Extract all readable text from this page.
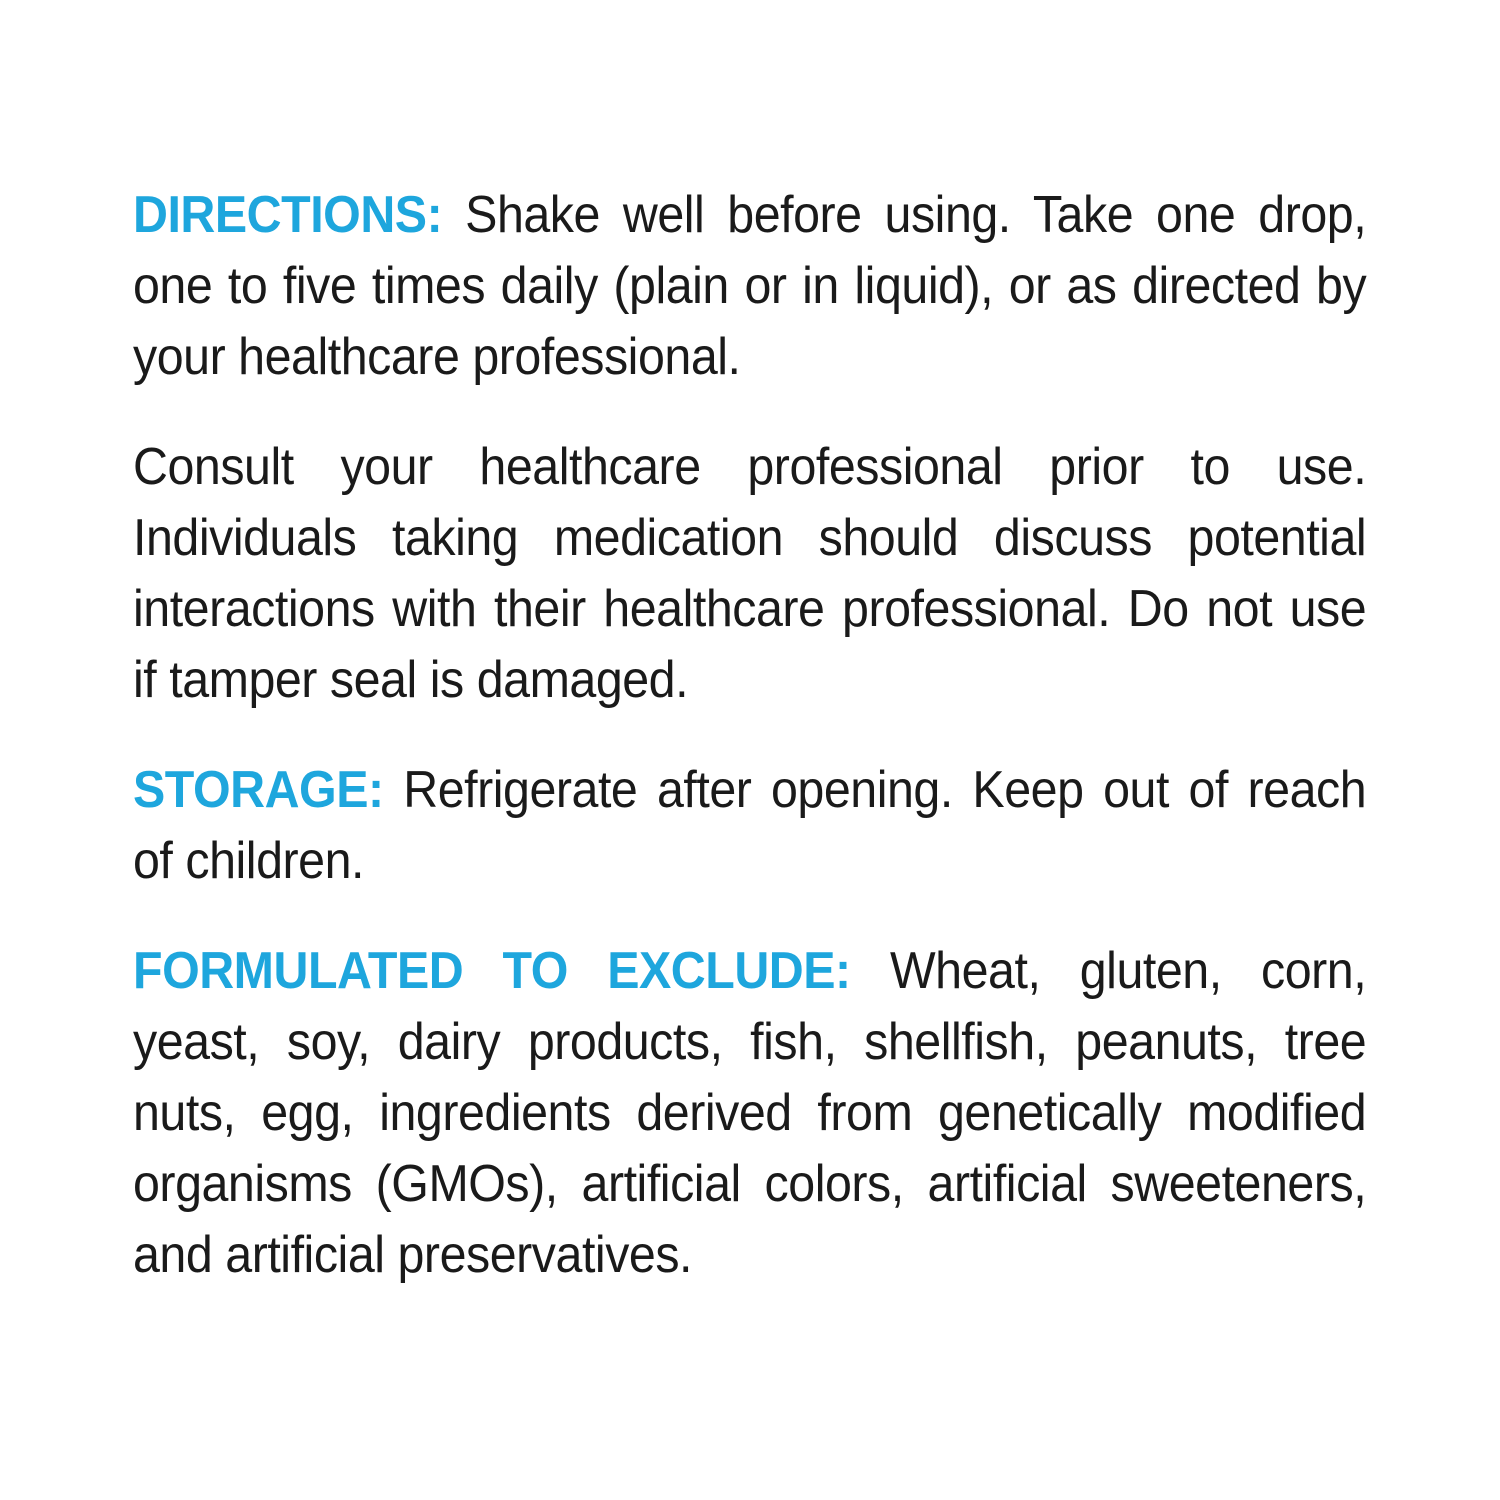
DIRECTIONS: Shake well before using. Take one drop, one to five times daily (plain or in liquid), or as directed by your healthcare professional.

Consult your healthcare professional prior to use. Individuals taking medication should discuss potential interactions with their healthcare professional. Do not use if tamper seal is damaged.

STORAGE: Refrigerate after opening. Keep out of reach of children.

FORMULATED TO EXCLUDE: Wheat, gluten, corn, yeast, soy, dairy products, fish, shellfish, peanuts, tree nuts, egg, ingredients derived from genetically modified organisms (GMOs), artificial colors, artificial sweeteners, and artificial preservatives.
